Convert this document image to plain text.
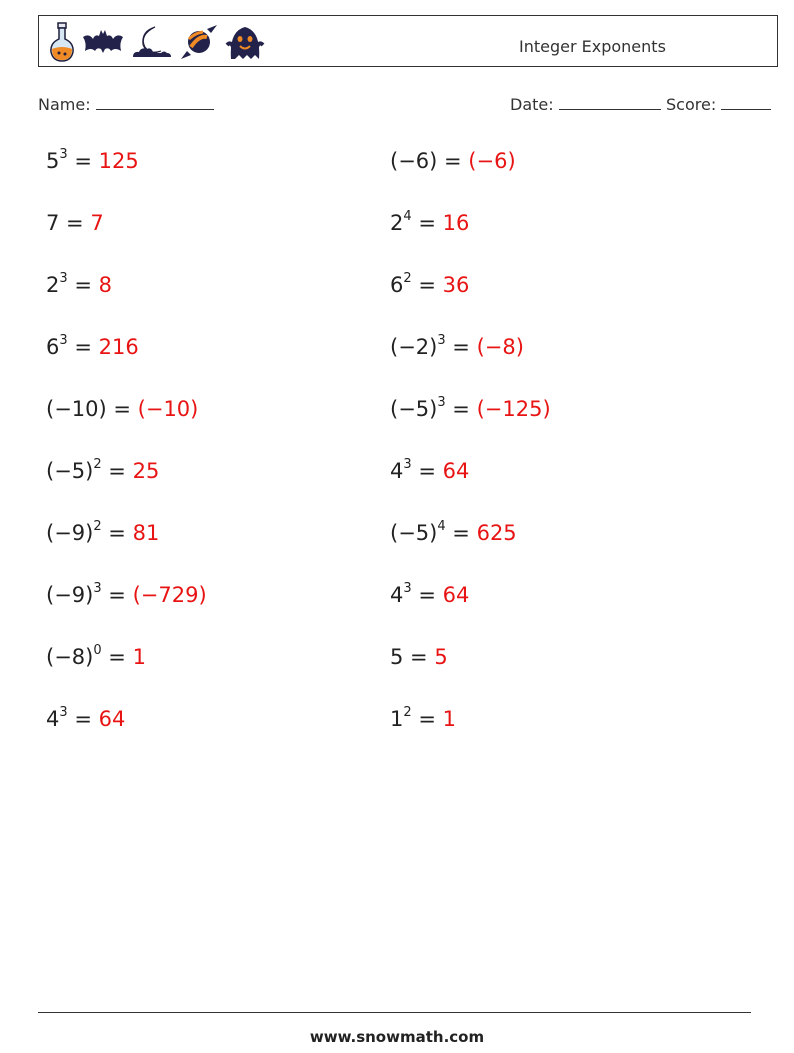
Integer Exponents
Name:	Date:	Score:
$5^3 = 125$	(−6) = (−6)
7 = 7	$2^4 = 16$
$2^3 = 8$	$6^2 = 36$
$6^3 = 216$	$(-2)^3 = (-8)$
(−10) = (−10)	$(-5)^3 = (-125)$
$(-5)^2 = 25$	$4^3 = 64$
$(-9)^2 = 81$	$(-5)^4 = 625$
$(-9)^3 = (-729)$	$4^3 = 64$
$(-8)^0 = 1$	5 = 5
$4^3 = 64$	$1^2 = 1$
www.snowmath.com
